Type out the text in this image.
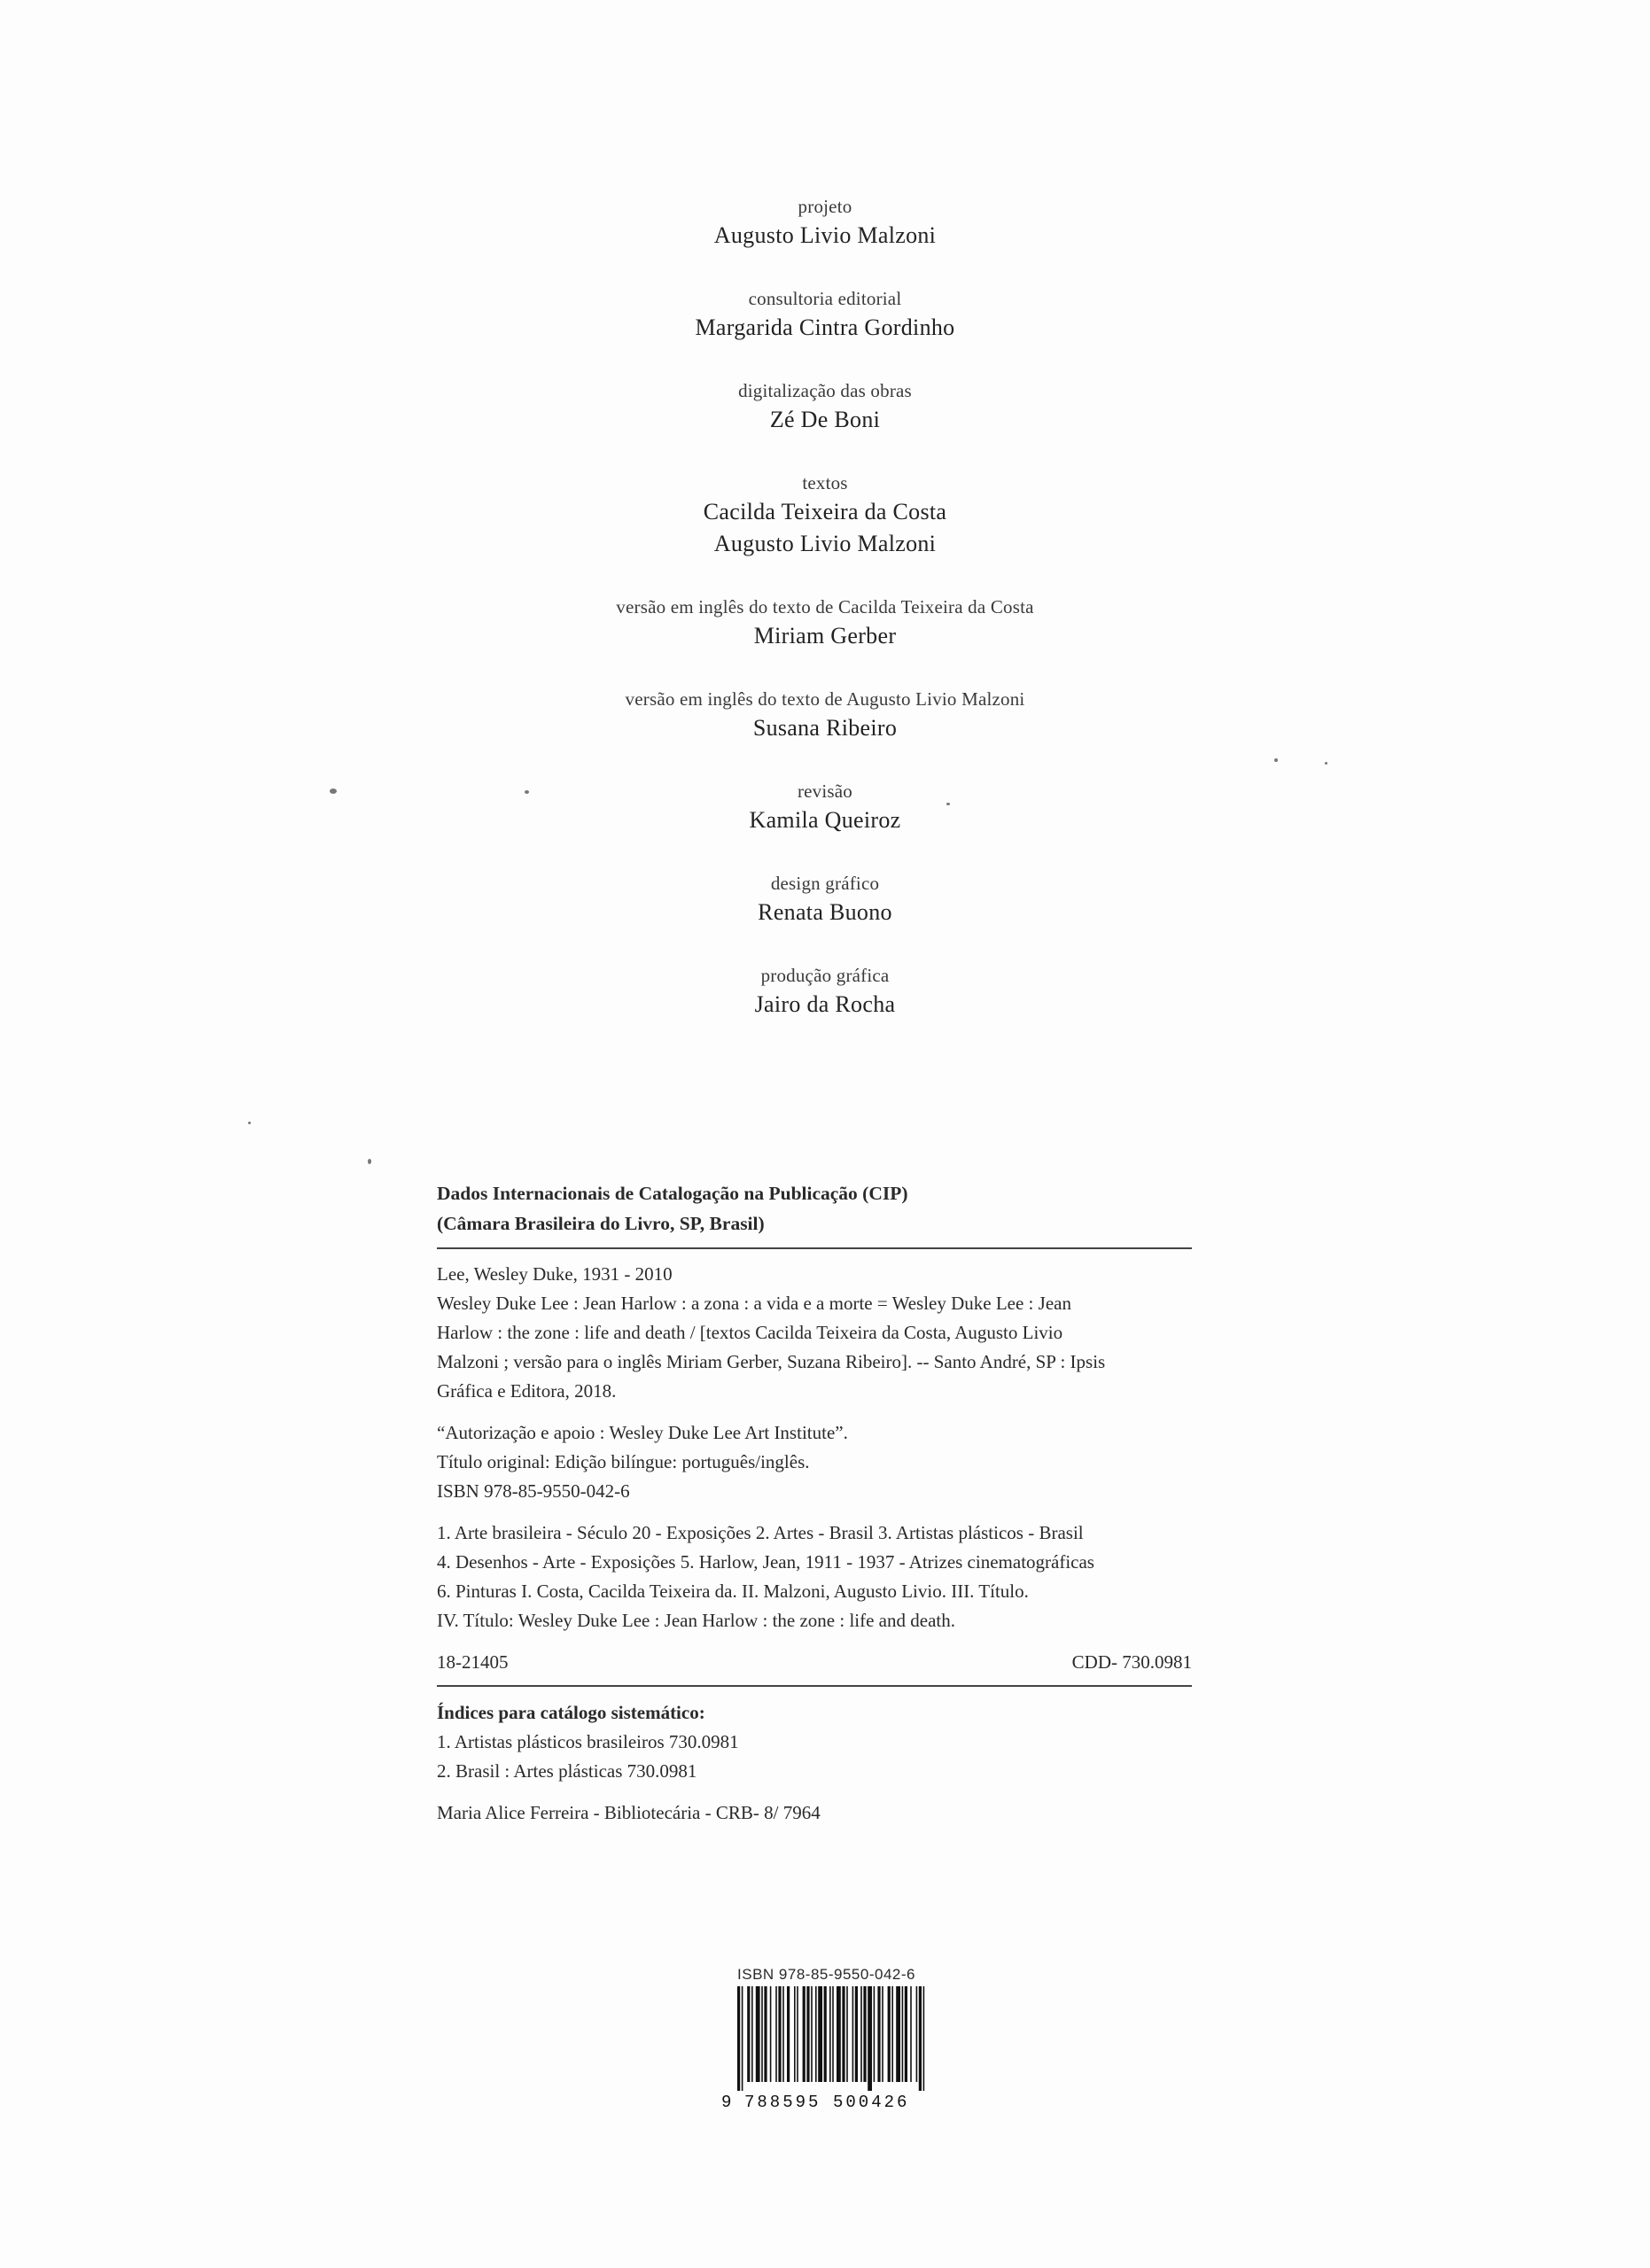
projeto
Augusto Livio Malzoni
consultoria editorial
Margarida Cintra Gordinho
digitalização das obras
Zé De Boni
textos
Cacilda Teixeira da Costa
Augusto Livio Malzoni
versão em inglês do texto de Cacilda Teixeira da Costa
Miriam Gerber
versão em inglês do texto de Augusto Livio Malzoni
Susana Ribeiro
revisão
Kamila Queiroz
design gráfico
Renata Buono
produção gráfica
Jairo da Rocha
Dados Internacionais de Catalogação na Publicação (CIP)
(Câmara Brasileira do Livro, SP, Brasil)

Lee, Wesley Duke, 1931 - 2010

Wesley Duke Lee : Jean Harlow : a zona : a vida e a morte = Wesley Duke Lee : Jean

Harlow : the zone : life and death / [textos Cacilda Teixeira da Costa, Augusto Livio

Malzoni ; versão para o inglês Miriam Gerber, Suzana Ribeiro]. -- Santo André, SP : Ipsis

Gráfica e Editora, 2018.

“Autorização e apoio : Wesley Duke Lee Art Institute”.

Título original: Edição bilíngue: português/inglês.

ISBN 978-85-9550-042-6

1. Arte brasileira - Século 20 - Exposições 2. Artes - Brasil 3. Artistas plásticos - Brasil

4. Desenhos - Arte - Exposições 5. Harlow, Jean, 1911 - 1937 - Atrizes cinematográficas

6. Pinturas I. Costa, Cacilda Teixeira da. II. Malzoni, Augusto Livio. III. Título.

IV. Título: Wesley Duke Lee : Jean Harlow : the zone : life and death.

18-21405	CDD- 730.0981
Índices para catálogo sistemático:

1. Artistas plásticos brasileiros 730.0981

2. Brasil : Artes plásticas 730.0981

Maria Alice Ferreira - Bibliotecária - CRB- 8/ 7964

ISBN 978-85-9550-042-6
9 788595 500426
